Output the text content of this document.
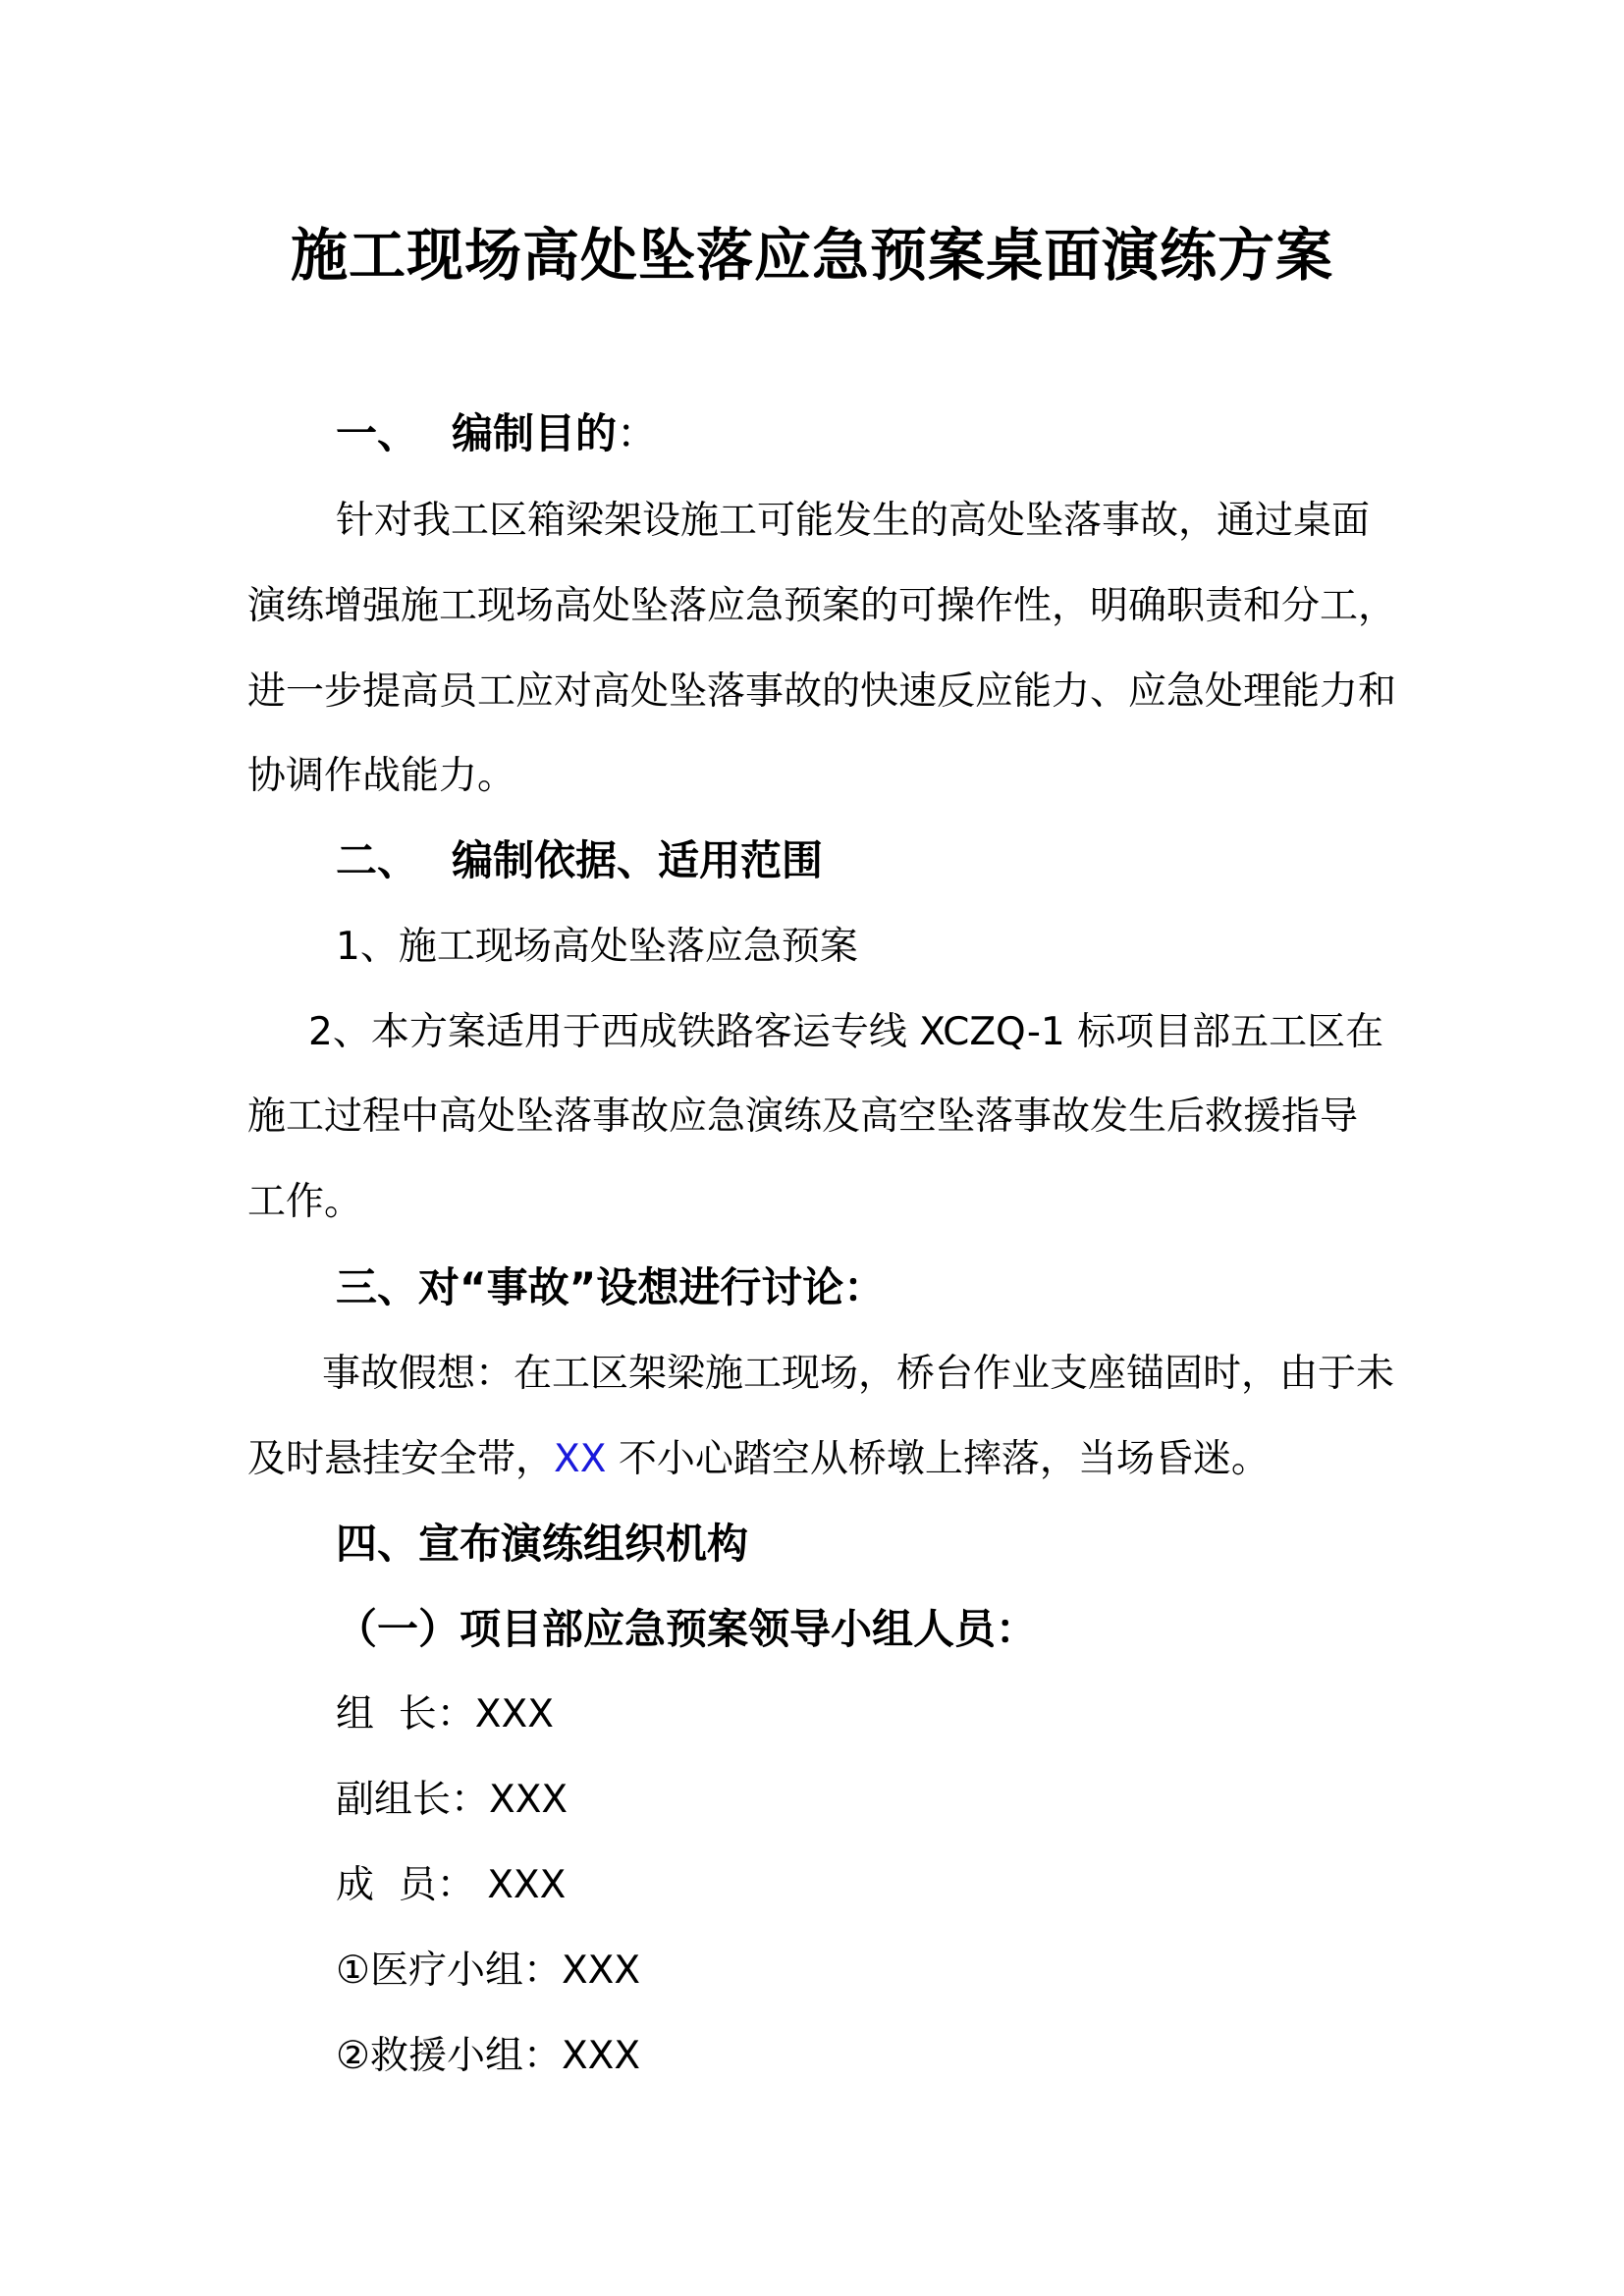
施工现场高处坠落应急预案桌面演练方案
一、 编制目的：
针对我工区箱梁架设施工可能发生的高处坠落事故，通过桌面
演练增强施工现场高处坠落应急预案的可操作性，明确职责和分工，
进一步提高员工应对高处坠落事故的快速反应能力、应急处理能力和
协调作战能力。
二、 编制依据、适用范围
1、施工现场高处坠落应急预案
2、本方案适用于西成铁路客运专线 XCZQ-1 标项目部五工区在
施工过程中高处坠落事故应急演练及高空坠落事故发生后救援指导
工作。
三、对“事故”设想进行讨论：
事故假想：在工区架梁施工现场，桥台作业支座锚固时，由于未
及时悬挂安全带，XX 不小心踏空从桥墩上摔落，当场昏迷。
四、宣布演练组织机构
（一）项目部应急预案领导小组人员：
组  长：XXX
副组长：XXX
成  员： XXX
①医疗小组：XXX
②救援小组：XXX
